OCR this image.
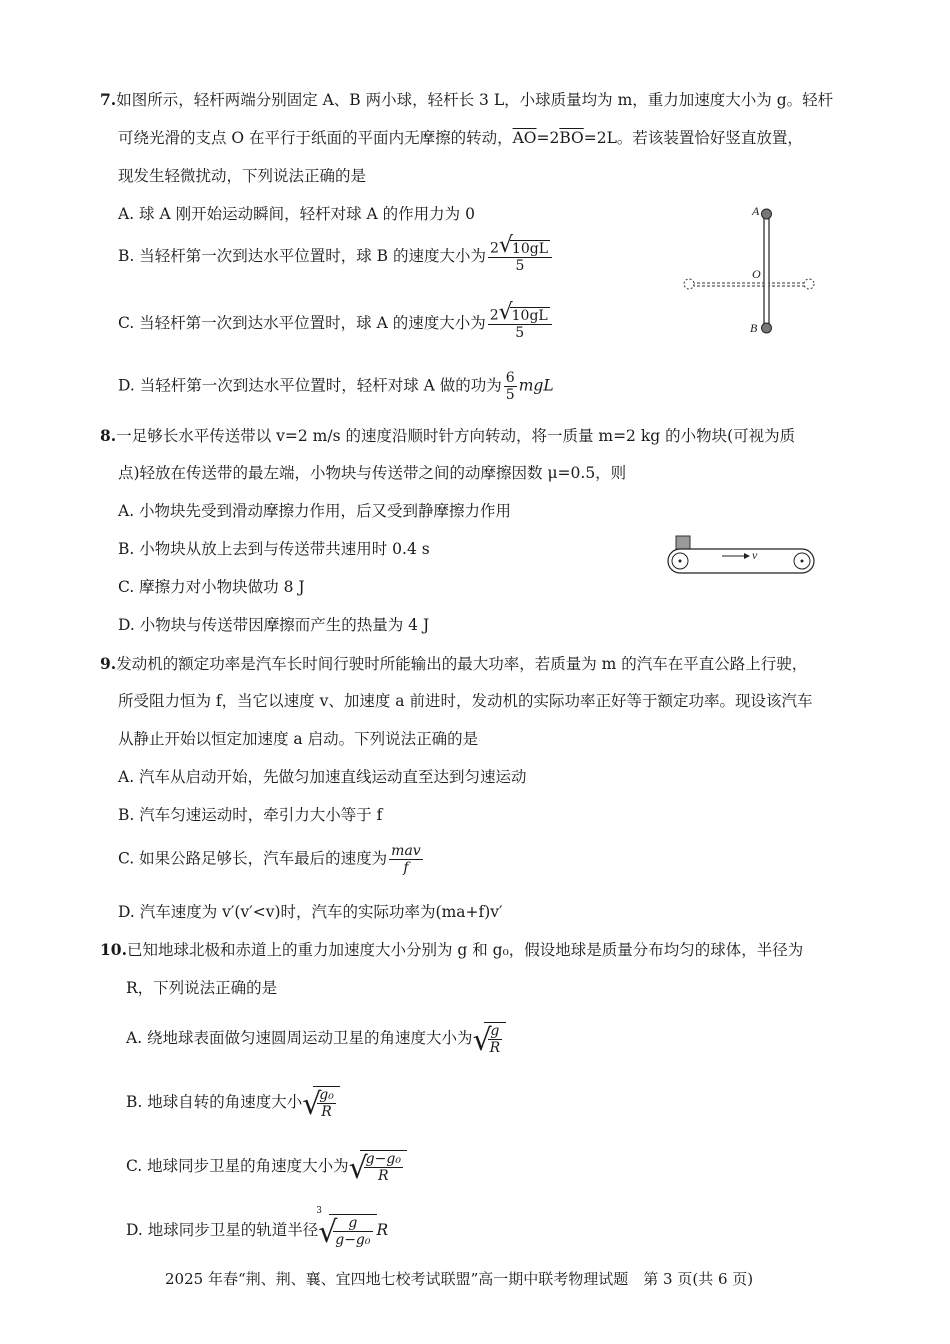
7.如图所示，轻杆两端分别固定 A、B 两小球，轻杆长 3 L，小球质量均为 m，重力加速度大小为 g。轻杆
可绕光滑的支点 O 在平行于纸面的平面内无摩擦的转动，$\overline{AO}=2\overline{BO}=2L$。若该装置恰好竖直放置，
现发生轻微扰动，下列说法正确的是
A. 球 A 刚开始运动瞬间，轻杆对球 A 的作用力为 0
B. 当轻杆第一次到达水平位置时，球 B 的速度大小为 2 √
10gL
5
C. 当轻杆第一次到达水平位置时，球 A 的速度大小为 2 √
10gL
5
D. 当轻杆第一次到达水平位置时，轻杆对球 A 做的功为 $\frac{6}{5}$ mgL
A
O
B
8.一足够长水平传送带以 v=2 m/s 的速度沿顺时针方向转动，将一质量 m=2 kg 的小物块(可视为质
点)轻放在传送带的最左端，小物块与传送带之间的动摩擦因数 μ=0.5，则
A. 小物块先受到滑动摩擦力作用，后又受到静摩擦力作用
B. 小物块从放上去到与传送带共速用时 0.4 s
C. 摩擦力对小物块做功 8 J
D. 小物块与传送带因摩擦而产生的热量为 4 J
v
9.发动机的额定功率是汽车长时间行驶时所能输出的最大功率，若质量为 m 的汽车在平直公路上行驶，
所受阻力恒为 f，当它以速度 v、加速度 a 前进时，发动机的实际功率正好等于额定功率。现设该汽车
从静止开始以恒定加速度 a 启动。下列说法正确的是
A. 汽车从启动开始，先做匀加速直线运动直至达到匀速运动
B. 汽车匀速运动时，牵引力大小等于 f
C. 如果公路足够长，汽车最后的速度为 $\frac{\text{mav}}{f}$
D. 汽车速度为 v′(v′<v)时，汽车的实际功率为(ma+f)v′
10.已知地球北极和赤道上的重力加速度大小分别为 g 和 g₀，假设地球是质量分布均匀的球体，半径为
R，下列说法正确的是
A. 绕地球表面做匀速圆周运动卫星的角速度大小为 √
$\frac{g}{R}$
B. 地球自转的角速度大小 √
$\frac{\text{g₀}}{R}$
C. 地球同步卫星的角速度大小为 √
$\frac{\text{g−g₀}}{R}$
D. 地球同步卫星的轨道半径
3
√
$\frac{g}{\text{g−g₀}}$ R
2025 年春“荆、荆、襄、宜四地七校考试联盟”高一期中联考物理试题　第 3 页(共 6 页)
